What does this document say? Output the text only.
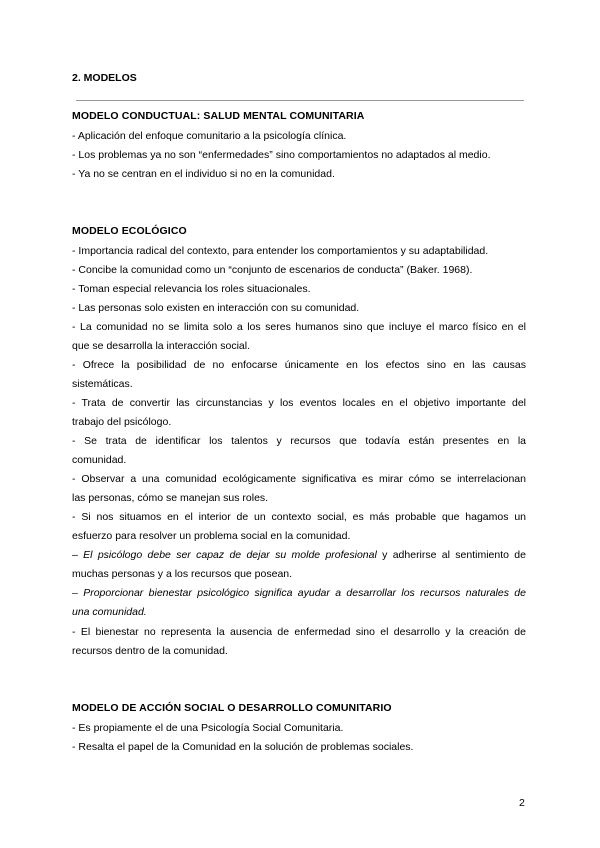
2. MODELOS
MODELO CONDUCTUAL: SALUD MENTAL COMUNITARIA
- Aplicación del enfoque comunitario a la psicología clínica.
- Los problemas ya no son “enfermedades” sino comportamientos no adaptados al medio.
- Ya no se centran en el individuo si no en la comunidad.
MODELO ECOLÓGICO
- Importancia radical del contexto, para entender los comportamientos y su adaptabilidad.
- Concibe la comunidad como un “conjunto de escenarios de conducta” (Baker. 1968).
- Toman especial relevancia los roles situacionales.
- Las personas solo existen en interacción con su comunidad.
- La comunidad no se limita solo a los seres humanos sino que incluye el marco físico en el
que se desarrolla la interacción social.
- Ofrece la posibilidad de no enfocarse únicamente en los efectos sino en las causas
sistemáticas.
- Trata de convertir las circunstancias y los eventos locales en el objetivo importante del
trabajo del psicólogo.
- Se trata de identificar los talentos y recursos que todavía están presentes en la
comunidad.
- Observar a una comunidad ecológicamente significativa es mirar cómo se interrelacionan
las personas, cómo se manejan sus roles.
- Si nos situamos en el interior de un contexto social, es más probable que hagamos un
esfuerzo para resolver un problema social en la comunidad.
– El psicólogo debe ser capaz de dejar su molde profesional y adherirse al sentimiento de
muchas personas y a los recursos que posean.
– Proporcionar bienestar psicológico significa ayudar a desarrollar los recursos naturales de
una comunidad.
- El bienestar no representa la ausencia de enfermedad sino el desarrollo y la creación de
recursos dentro de la comunidad.
MODELO DE ACCIÓN SOCIAL O DESARROLLO COMUNITARIO
- Es propiamente el de una Psicología Social Comunitaria.
- Resalta el papel de la Comunidad en la solución de problemas sociales.
2
